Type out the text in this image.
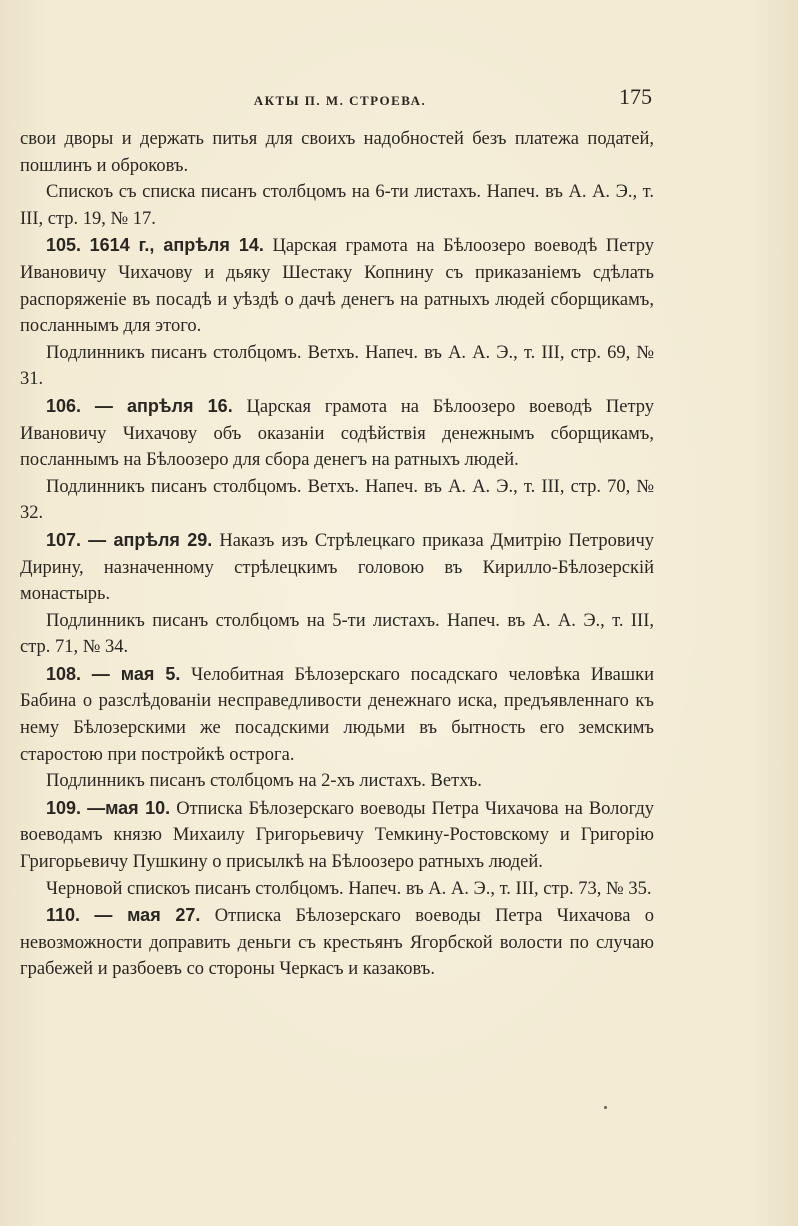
АКТЫ П. М. СТРОЕВА.	175

свои дворы и держать питья для своихъ надобностей безъ платежа податей, пошлинъ и оброковъ.

Спискоъ съ списка писанъ столбцомъ на 6-ти листахъ. Напеч. въ А. А. Э., т. III, стр. 19, № 17.

105. 1614 г., апрѣля 14. Царская грамота на Бѣлоозеро воеводѣ Петру Ивановичу Чихачову и дьяку Шестаку Копнину съ приказаніемъ сдѣлать распоряженіе въ посадѣ и уѣздѣ о дачѣ денегъ на ратныхъ людей сборщикамъ, посланнымъ для этого.

Подлинникъ писанъ столбцомъ. Ветхъ. Напеч. въ А. А. Э., т. III, стр. 69, № 31.

106. — апрѣля 16. Царская грамота на Бѣлоозеро воеводѣ Петру Ивановичу Чихачову объ оказаніи содѣйствія денежнымъ сборщикамъ, посланнымъ на Бѣлоозеро для сбора денегъ на ратныхъ людей.

Подлинникъ писанъ столбцомъ. Ветхъ. Напеч. въ А. А. Э., т. III, стр. 70, № 32.

107. — апрѣля 29. Наказъ изъ Стрѣлецкаго приказа Дмитрію Петровичу Дирину, назначенному стрѣлецкимъ головою въ Кирилло-Бѣлозерскій монастырь.

Подлинникъ писанъ столбцомъ на 5-ти листахъ. Напеч. въ А. А. Э., т. III, стр. 71, № 34.

108. — мая 5. Челобитная Бѣлозерскаго посадскаго человѣка Ивашки Бабина о разслѣдованіи несправедливости денежнаго иска, предъявленнаго къ нему Бѣлозерскими же посадскими людьми въ бытность его земскимъ старостою при постройкѣ острога.

Подлинникъ писанъ столбцомъ на 2-хъ листахъ. Ветхъ.

109. —мая 10. Отписка Бѣлозерскаго воеводы Петра Чихачова на Вологду воеводамъ князю Михаилу Григорьевичу Темкину-Ростовскому и Григорію Григорьевичу Пушкину о присылкѣ на Бѣлоозеро ратныхъ людей.

Черновой спискоъ писанъ столбцомъ. Напеч. въ А. А. Э., т. III, стр. 73, № 35.

110. — мая 27. Отписка Бѣлозерскаго воеводы Петра Чихачова о невозможности доправить деньги съ крестьянъ Ягорбской волости по случаю грабежей и разбоевъ со стороны Черкасъ и казаковъ.
